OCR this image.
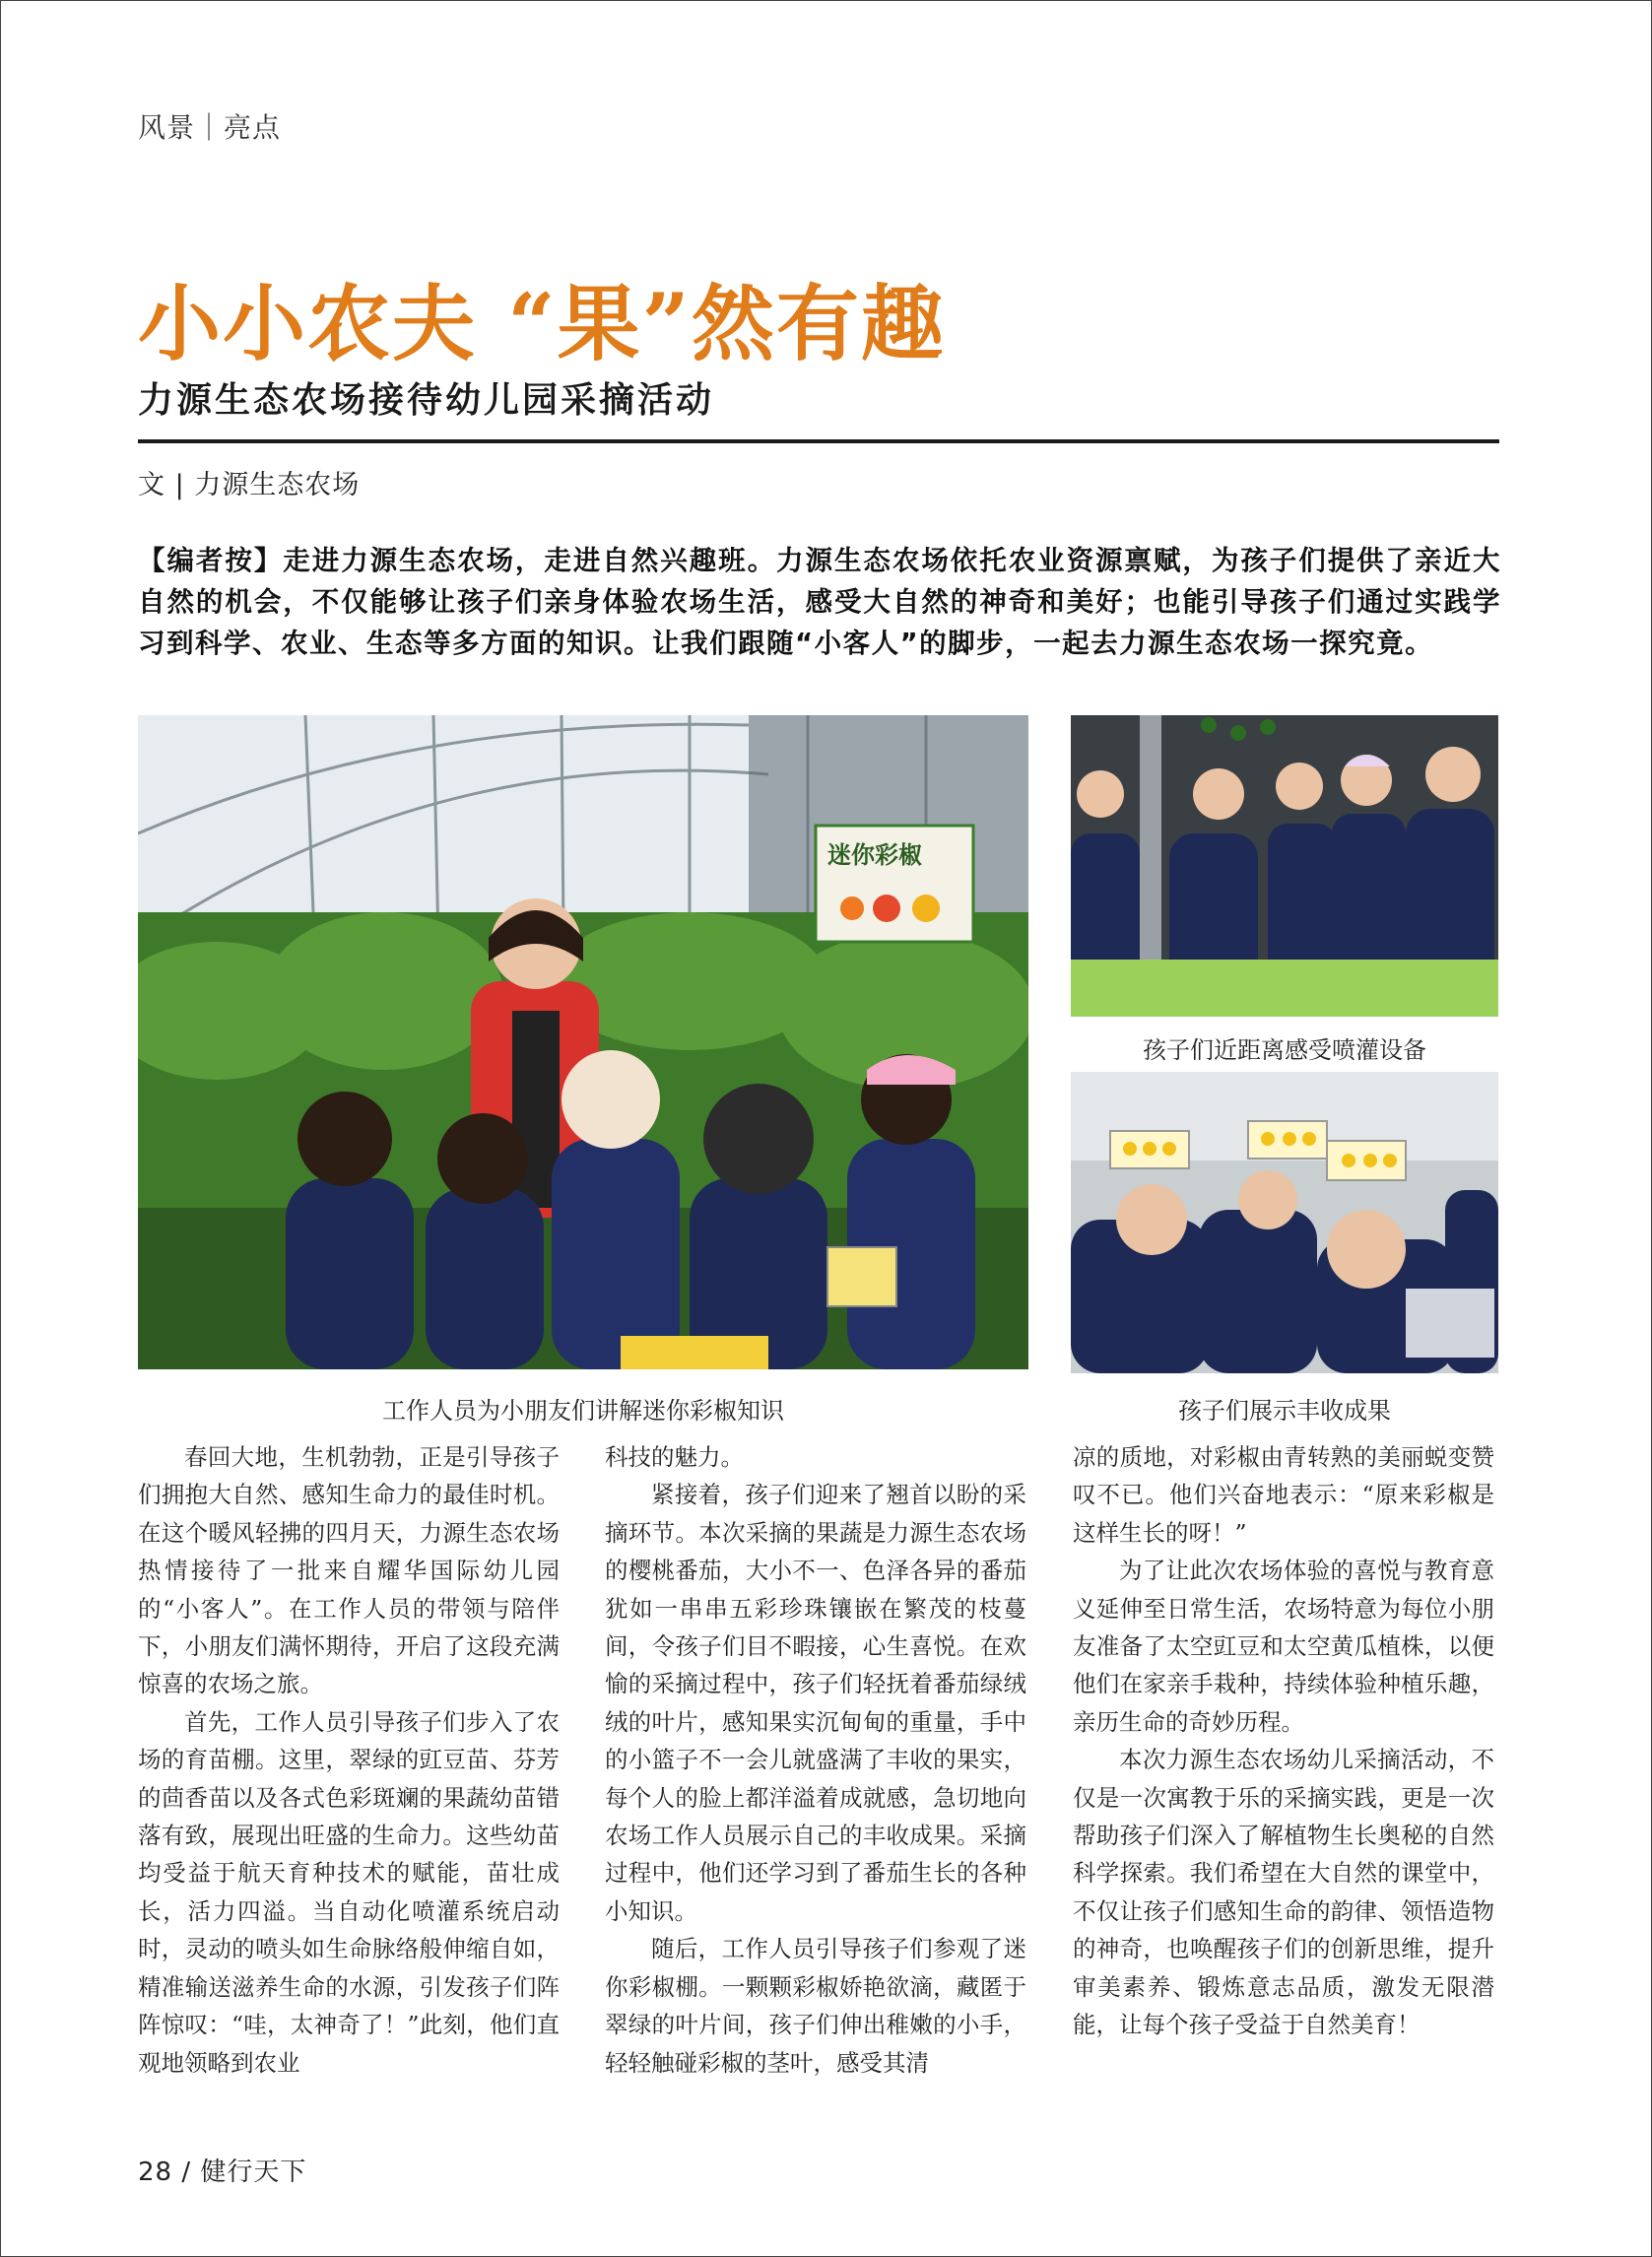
风景｜亮点
小小农夫 “果”然有趣
力源生态农场接待幼儿园采摘活动
文 | 力源生态农场
【编者按】走进力源生态农场，走进自然兴趣班。力源生态农场依托农业资源禀赋，为孩子们提供了亲近大自然的机会，不仅能够让孩子们亲身体验农场生活，感受大自然的神奇和美好；也能引导孩子们通过实践学习到科学、农业、生态等多方面的知识。让我们跟随“小客人”的脚步，一起去力源生态农场一探究竟。
迷你彩椒
工作人员为小朋友们讲解迷你彩椒知识
孩子们近距离感受喷灌设备
孩子们展示丰收成果

春回大地，生机勃勃，正是引导孩子们拥抱大自然、感知生命力的最佳时机。在这个暖风轻拂的四月天，力源生态农场热情接待了一批来自耀华国际幼儿园的“小客人”。在工作人员的带领与陪伴下，小朋友们满怀期待，开启了这段充满惊喜的农场之旅。

首先，工作人员引导孩子们步入了农场的育苗棚。这里，翠绿的豇豆苗、芬芳的茴香苗以及各式色彩斑斓的果蔬幼苗错落有致，展现出旺盛的生命力。这些幼苗均受益于航天育种技术的赋能，苗壮成长，活力四溢。当自动化喷灌系统启动时，灵动的喷头如生命脉络般伸缩自如，精准输送滋养生命的水源，引发孩子们阵阵惊叹：“哇，太神奇了！”此刻，他们直观地领略到农业

科技的魅力。

紧接着，孩子们迎来了翘首以盼的采摘环节。本次采摘的果蔬是力源生态农场的樱桃番茄，大小不一、色泽各异的番茄犹如一串串五彩珍珠镶嵌在繁茂的枝蔓间，令孩子们目不暇接，心生喜悦。在欢愉的采摘过程中，孩子们轻抚着番茄绿绒绒的叶片，感知果实沉甸甸的重量，手中的小篮子不一会儿就盛满了丰收的果实，每个人的脸上都洋溢着成就感，急切地向农场工作人员展示自己的丰收成果。采摘过程中，他们还学习到了番茄生长的各种小知识。

随后，工作人员引导孩子们参观了迷你彩椒棚。一颗颗彩椒娇艳欲滴，藏匿于翠绿的叶片间，孩子们伸出稚嫩的小手，轻轻触碰彩椒的茎叶，感受其清

凉的质地，对彩椒由青转熟的美丽蜕变赞叹不已。他们兴奋地表示：“原来彩椒是这样生长的呀！”

为了让此次农场体验的喜悦与教育意义延伸至日常生活，农场特意为每位小朋友准备了太空豇豆和太空黄瓜植株，以便他们在家亲手栽种，持续体验种植乐趣，亲历生命的奇妙历程。

本次力源生态农场幼儿采摘活动，不仅是一次寓教于乐的采摘实践，更是一次帮助孩子们深入了解植物生长奥秘的自然科学探索。我们希望在大自然的课堂中，不仅让孩子们感知生命的韵律、领悟造物的神奇，也唤醒孩子们的创新思维，提升审美素养、锻炼意志品质，激发无限潜能，让每个孩子受益于自然美育！

28 / 健行天下
